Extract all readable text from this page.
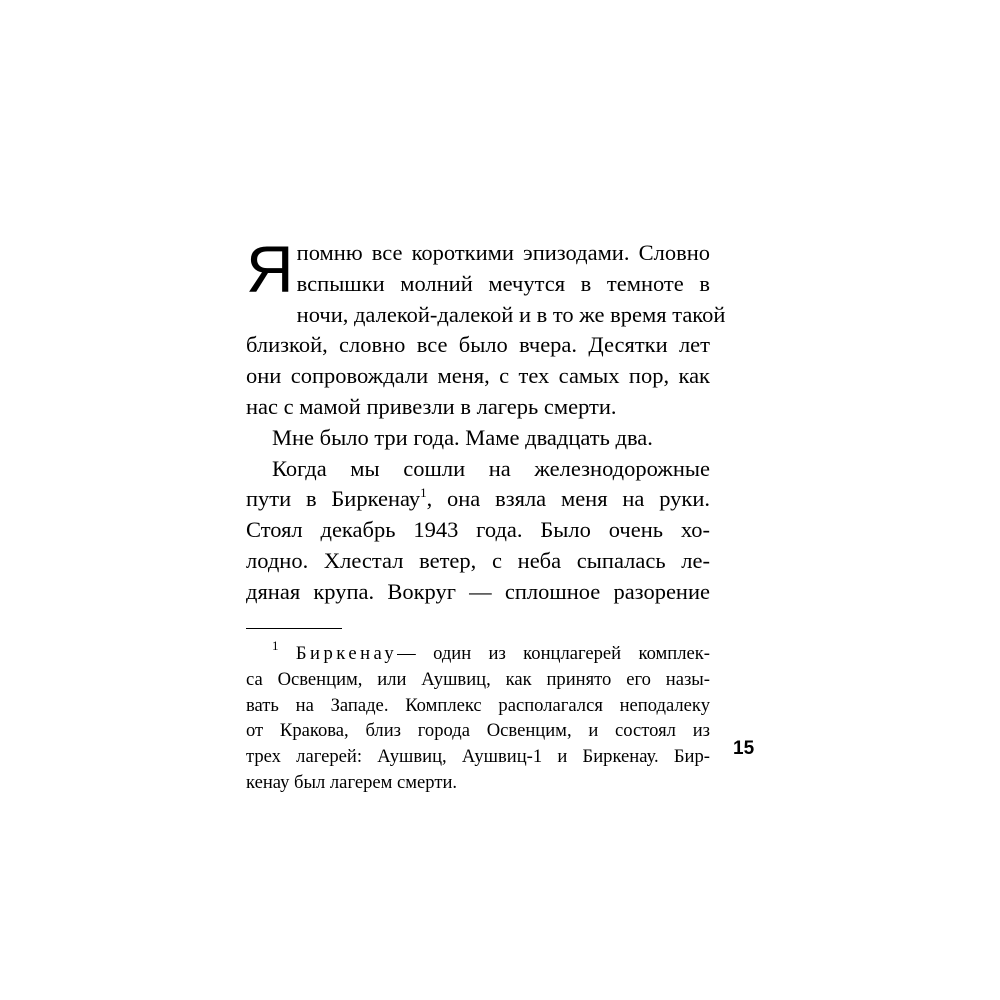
Я помню все короткими эпизодами. Словно
вспышки молний мечутся в темноте в
ночи, далекой-далекой и в то же время такой
близкой, словно все было вчера. Десятки лет
они сопровождали меня, с тех самых пор, как
нас с мамой привезли в лагерь смерти.
Мне было три года. Маме двадцать два.
Когда мы сошли на железнодорожные
пути в Биркенау$^1$, она взяла меня на руки.
Стоял декабрь 1943 года. Было очень хо-
лодно. Хлестал ветер, с неба сыпалась ле-
дяная крупа. Вокруг — сплошное разорение
$^1$ Биркенау— один из концлагерей комплек-
са Освенцим, или Аушвиц, как принято его назы-
вать на Западе. Комплекс располагался неподалеку
от Кракова, близ города Освенцим, и состоял из
трех лагерей: Аушвиц, Аушвиц-1 и Биркенау. Бир-
кенау был лагерем смерти.
15
